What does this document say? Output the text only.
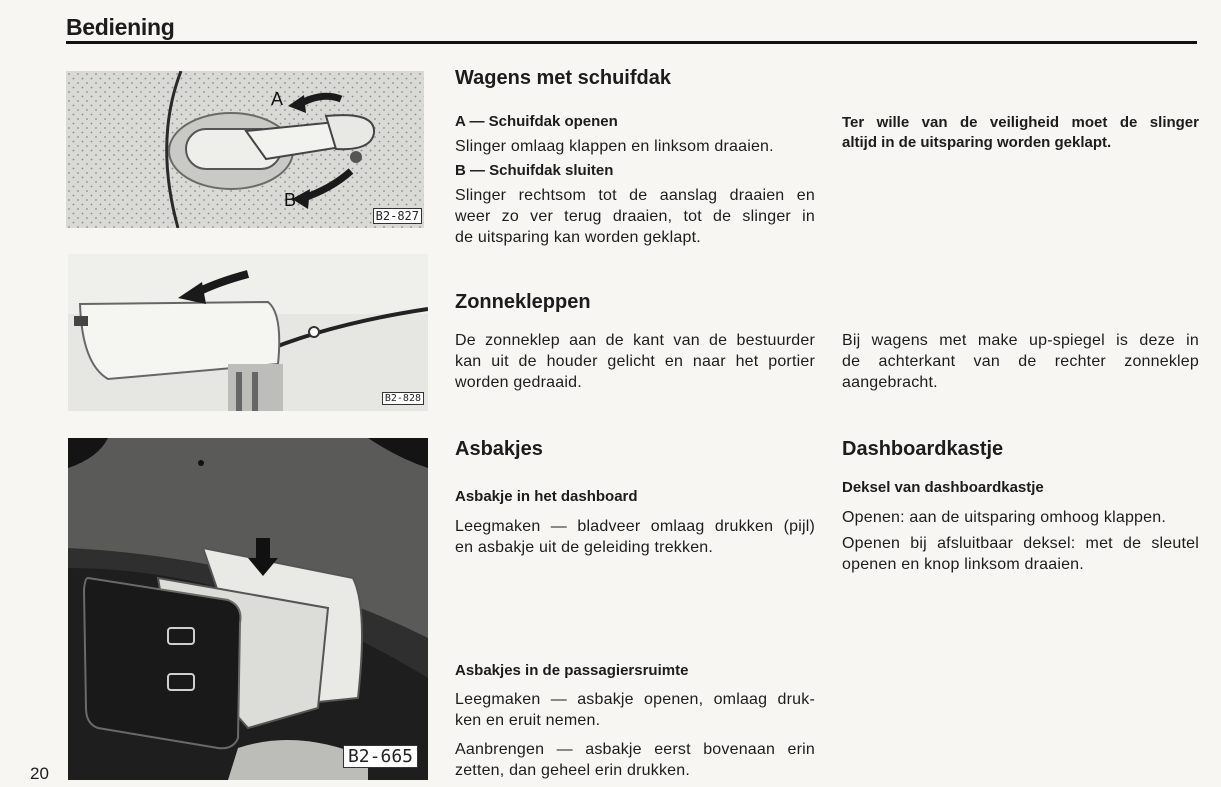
Bediening
A
B
B2-827
B2-828
B2-665
Wagens met schuifdak
A — Schuifdak openen
Slinger omlaag klappen en linksom draaien.
B — Schuifdak sluiten
Slinger rechtsom tot de aanslag draaien en
weer zo ver terug draaien, tot de slinger in
de uitsparing kan worden geklapt.
Ter wille van de veiligheid moet de slinger
altijd in de uitsparing worden geklapt.
Zonnekleppen
De zonneklep aan de kant van de bestuurder
kan uit de houder gelicht en naar het portier
worden gedraaid.
Bij wagens met make up-spiegel is deze in
de achterkant van de rechter zonneklep
aangebracht.
Asbakjes
Asbakje in het dashboard
Leegmaken — bladveer omlaag drukken (pijl)
en asbakje uit de geleiding trekken.
Asbakjes in de passagiersruimte
Leegmaken — asbakje openen, omlaag druk-
ken en eruit nemen.
Aanbrengen — asbakje eerst bovenaan erin
zetten, dan geheel erin drukken.
Dashboardkastje
Deksel van dashboardkastje
Openen: aan de uitsparing omhoog klappen.
Openen bij afsluitbaar deksel: met de sleutel
openen en knop linksom draaien.
20
